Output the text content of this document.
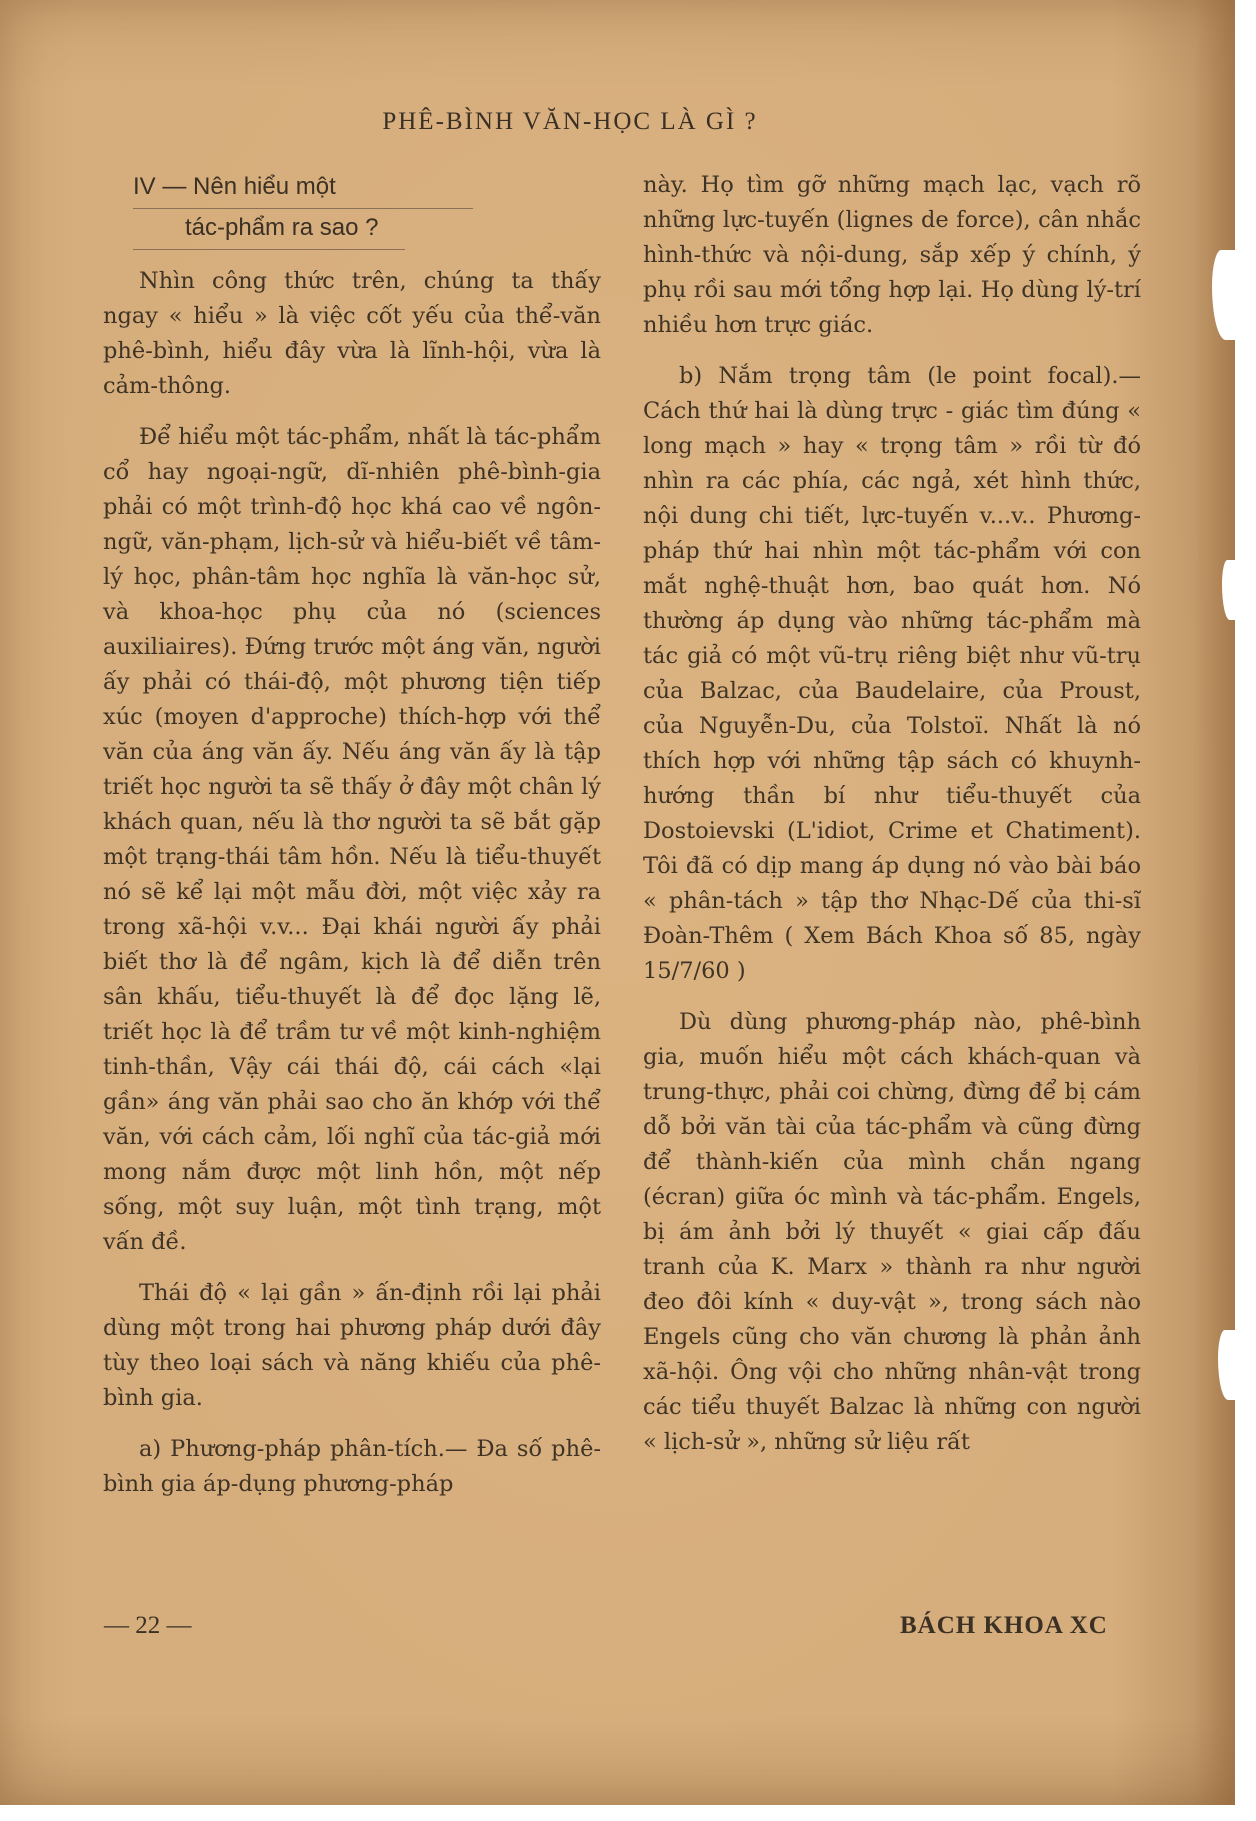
PHÊ-BÌNH VĂN-HỌC LÀ GÌ ?
IV — Nên hiểu một
tác-phẩm ra sao ?

Nhìn công thức trên, chúng ta thấy ngay « hiểu » là việc cốt yếu của thể-văn phê-bình, hiểu đây vừa là lĩnh-hội, vừa là cảm-thông.

Để hiểu một tác-phẩm, nhất là tác-phẩm cổ hay ngoại-ngữ, dĩ-nhiên phê-bình-gia phải có một trình-độ học khá cao về ngôn-ngữ, văn-phạm, lịch-sử và hiểu-biết về tâm-lý học, phân-tâm học nghĩa là văn-học sử, và khoa-học phụ của nó (sciences auxiliaires). Đứng trước một áng văn, người ấy phải có thái-độ, một phương tiện tiếp xúc (moyen d'approche) thích-hợp với thể văn của áng văn ấy. Nếu áng văn ấy là tập triết học người ta sẽ thấy ở đây một chân lý khách quan, nếu là thơ người ta sẽ bắt gặp một trạng-thái tâm hồn. Nếu là tiểu-thuyết nó sẽ kể lại một mẫu đời, một việc xảy ra trong xã-hội v.v... Đại khái người ấy phải biết thơ là để ngâm, kịch là để diễn trên sân khấu, tiểu-thuyết là để đọc lặng lẽ, triết học là để trầm tư về một kinh-nghiệm tinh-thần, Vậy cái thái độ, cái cách «lại gần» áng văn phải sao cho ăn khớp với thể văn, với cách cảm, lối nghĩ của tác-giả mới mong nắm được một linh hồn, một nếp sống, một suy luận, một tình trạng, một vấn đề.

Thái độ « lại gần » ấn-định rồi lại phải dùng một trong hai phương pháp dưới đây tùy theo loại sách và năng khiếu của phê-bình gia.

a) Phương-pháp phân-tích.— Đa số phê-bình gia áp-dụng phương-pháp

này. Họ tìm gỡ những mạch lạc, vạch rõ những lực-tuyến (lignes de force), cân nhắc hình-thức và nội-dung, sắp xếp ý chính, ý phụ rồi sau mới tổng hợp lại. Họ dùng lý-trí nhiều hơn trực giác.

b) Nắm trọng tâm (le point focal).— Cách thứ hai là dùng trực - giác tìm đúng « long mạch » hay « trọng tâm » rồi từ đó nhìn ra các phía, các ngả, xét hình thức, nội dung chi tiết, lực-tuyến v...v.. Phương-pháp thứ hai nhìn một tác-phẩm với con mắt nghệ-thuật hơn, bao quát hơn. Nó thường áp dụng vào những tác-phẩm mà tác giả có một vũ-trụ riêng biệt như vũ-trụ của Balzac, của Baudelaire, của Proust, của Nguyễn-Du, của Tolstoï. Nhất là nó thích hợp với những tập sách có khuynh-hướng thần bí như tiểu-thuyết của Dostoievski (L'idiot, Crime et Chatiment). Tôi đã có dịp mang áp dụng nó vào bài báo « phân-tách » tập thơ Nhạc-Dế của thi-sĩ Đoàn-Thêm ( Xem Bách Khoa số 85, ngày 15/7/60 )

Dù dùng phương-pháp nào, phê-bình gia, muốn hiểu một cách khách-quan và trung-thực, phải coi chừng, đừng để bị cám dỗ bởi văn tài của tác-phẩm và cũng đừng để thành-kiến của mình chắn ngang (écran) giữa óc mình và tác-phẩm. Engels, bị ám ảnh bởi lý thuyết « giai cấp đấu tranh của K. Marx » thành ra như người đeo đôi kính « duy-vật », trong sách nào Engels cũng cho văn chương là phản ảnh xã-hội. Ông vội cho những nhân-vật trong các tiểu thuyết Balzac là những con người « lịch-sử », những sử liệu rất

— 22 —	BÁCH KHOA XC
